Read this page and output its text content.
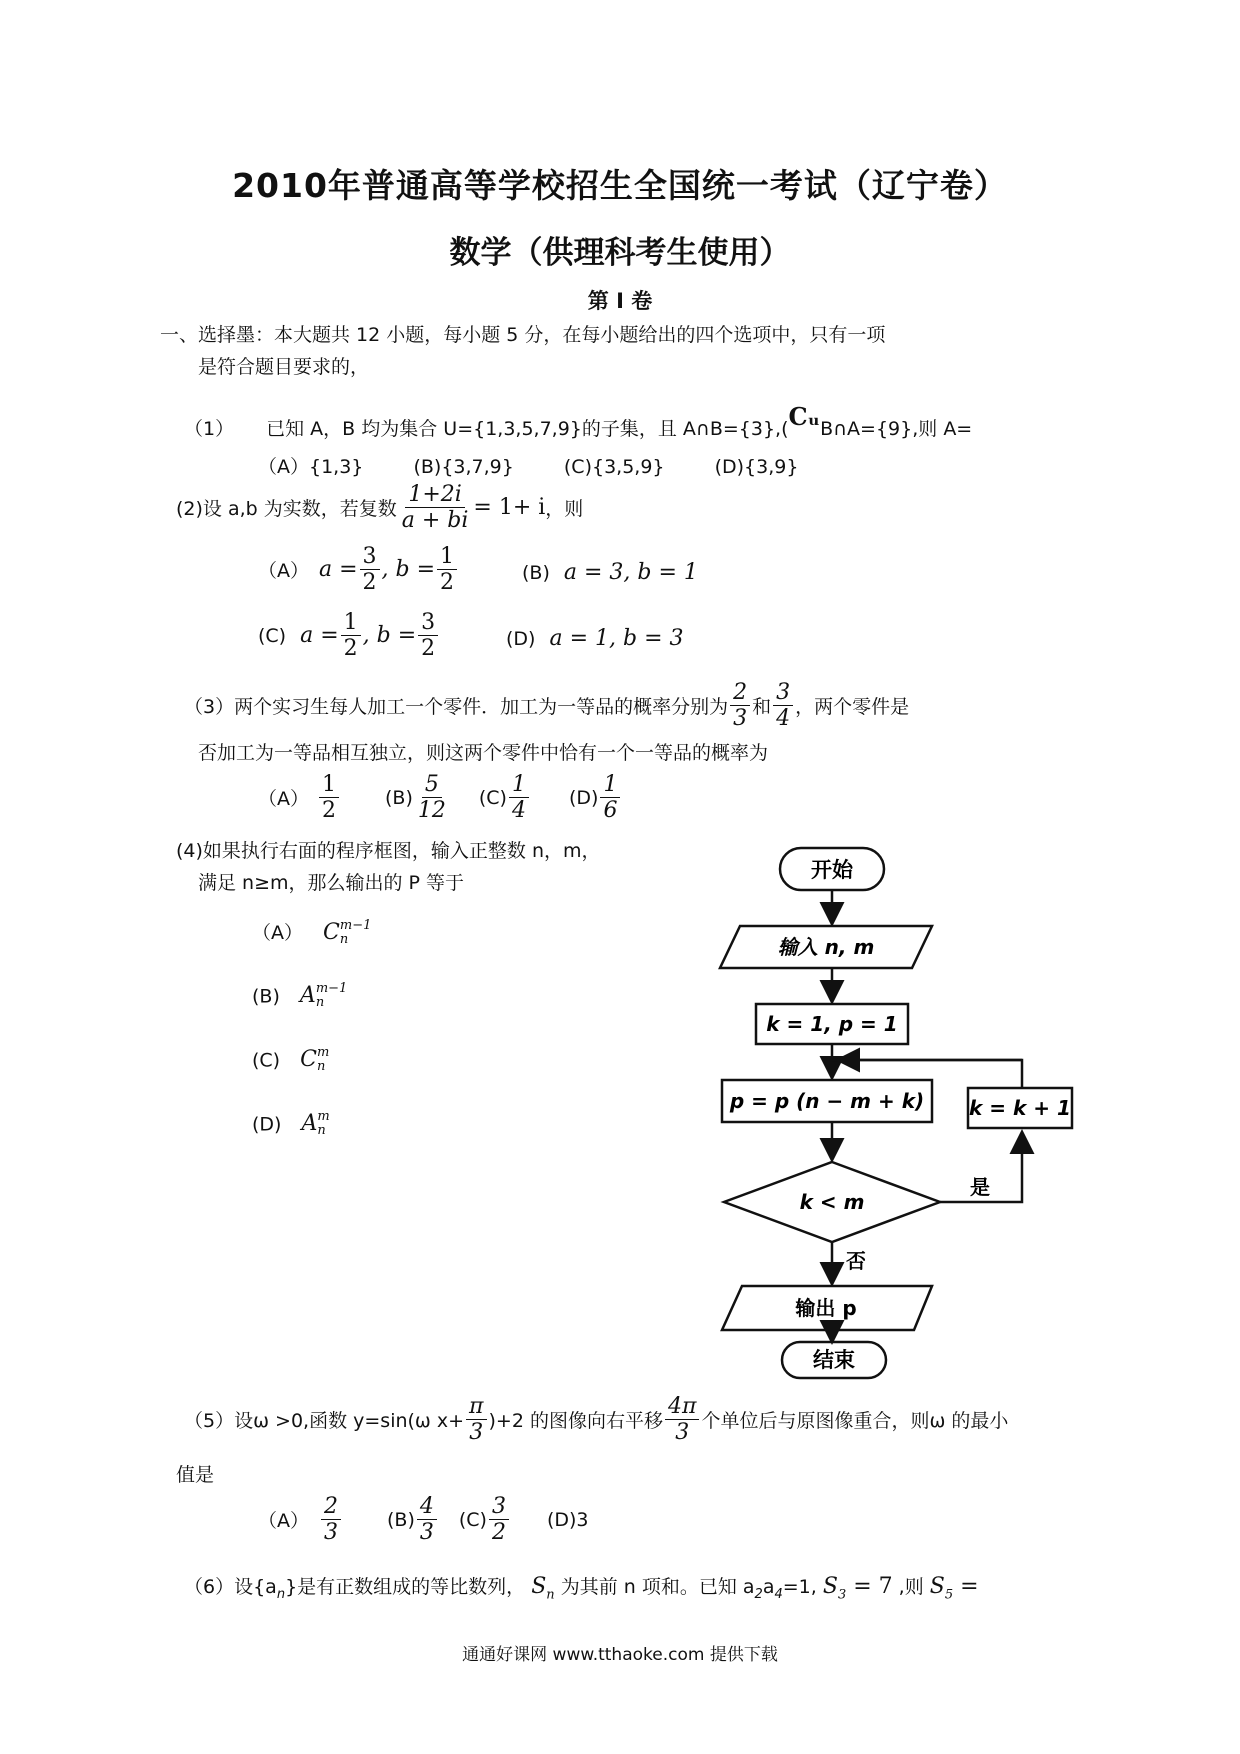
2010年普通高等学校招生全国统一考试（辽宁卷）
数学（供理科考生使用）
第 I 卷
一、选择墨：本大题共 12 小题，每小题 5 分，在每小题给出的四个选项中，只有一项
是符合题目要求的，
（1） 已知 A，B 均为集合 U={1,3,5,7,9}的子集，且 A∩B={3},(CᵤB∩A={9},则 A=
（A）{1,3}	(B){3,7,9}	(C){3,5,9}	(D){3,9}
(2)设 a,b 为实数，若复数 $\frac{1+2i}{a + bi} = 1+ i$ ，则
（A） $a = \frac{3}{2}$ , $b = \frac{1}{2}$	(B) a = 3, b = 1
(C) $a = \frac{1}{2}$ , $b = \frac{3}{2}$	(D) a = 1, b = 3
（3）两个实习生每人加工一个零件．加工为一等品的概率分别为 $\frac{2}{3}$ 和 $\frac{3}{4}$ ，两个零件是
否加工为一等品相互独立，则这两个零件中恰有一个一等品的概率为
$(A) \frac{1}{2} (B) \frac{5}{12} (C) \frac{1}{4} (D) \frac{1}{6}$
(4)如果执行右面的程序框图，输入正整数 n，m，
满足 n≥m，那么输出的 P 等于
（A） C m−1
n
(B) A m−1
n
(C) C m
n
(D) A m
n
开始
输入 n, m
k = 1, p = 1
p = p (n − m + k) k = k + 1
k < m
是
否
输出 p
结束
（5）设ω >0,函数 y=sin(ω $x+ \frac{\pi}{3} )+2$ 的图像向右平移 $\frac{4\pi}{3}$ 个单位后与原图像重合，则ω 的最小
值是
$(A) \frac{2}{3} (B) \frac{4}{3} (C) \frac{3}{2} (D)3$
（6）设$\{a_n\}$是有正数组成的等比数列， $S_n$ 为其前 n 项和。已知 $a_2a_4=1$, $S_3 = 7$ ,则 $S_5$ =
通通好课网 www.tthaoke.com 提供下载
